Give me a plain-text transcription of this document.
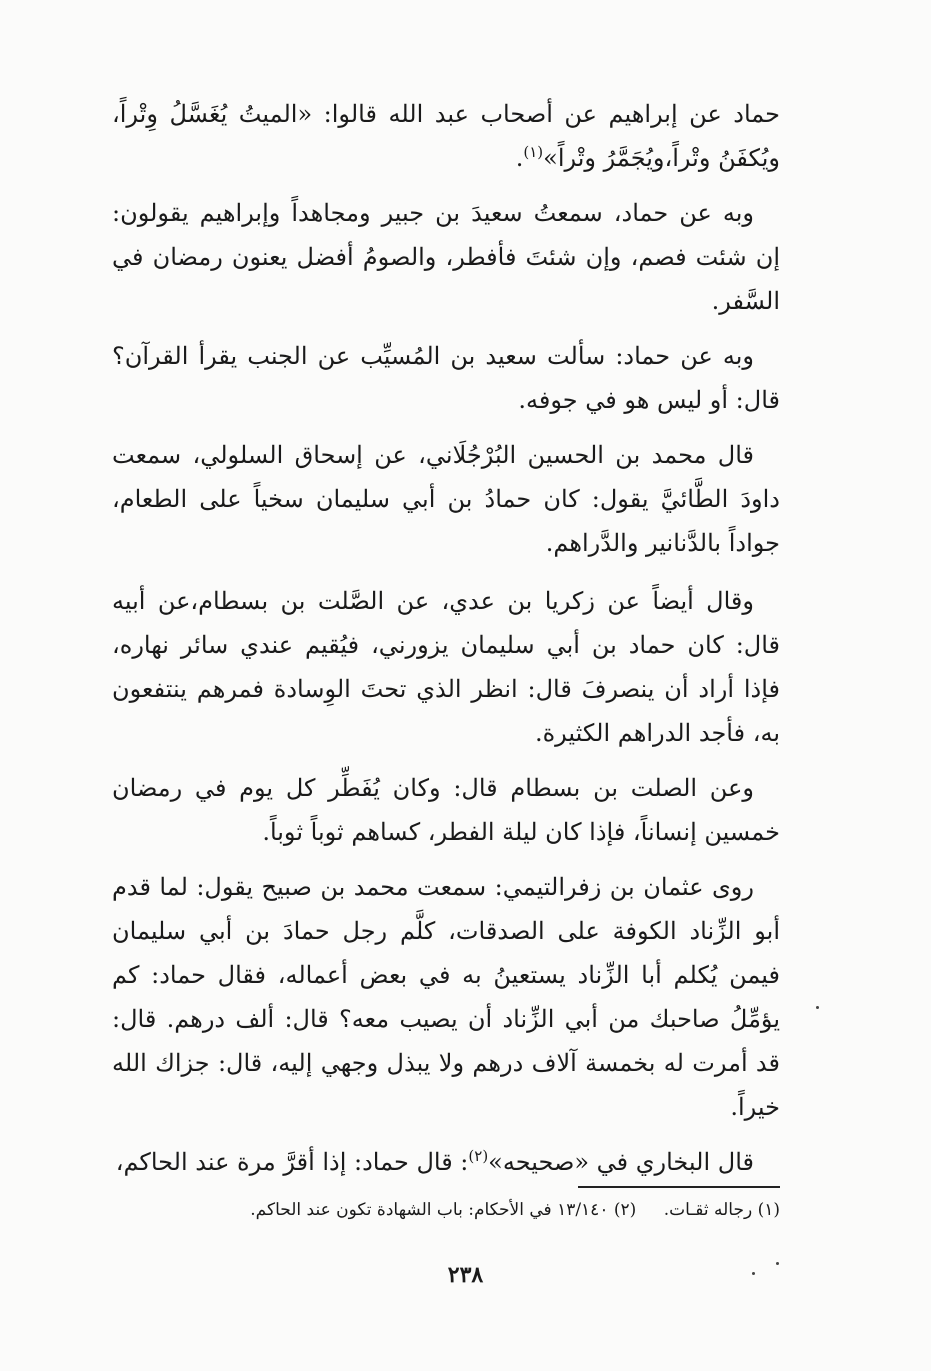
حماد عن إبراهيم عن أصحاب عبد الله قالوا: «الميتُ يُغَسَّلُ وِتْراً، ويُكفَنُ وتْراً،ويُجَمَّرُ وتْراً»$^{(١)}$.

وبه عن حماد، سمعتُ سعيدَ بن جبير ومجاهداً وإبراهيم يقولون: إن شئت فصم، وإن شئتَ فأفطر، والصومُ أفضل يعنون رمضان في السَّفر.

وبه عن حماد: سألت سعيد بن المُسيِّب عن الجنب يقرأ القرآن؟ قال: أو ليس هو في جوفه.

قال محمد بن الحسين البُرْجُلَاني، عن إسحاق السلولي، سمعت داودَ الطَّائيَّ يقول: كان حمادُ بن أبي سليمان سخياً على الطعام، جواداً بالدَّنانير والدَّراهم.

وقال أيضاً عن زكريا بن عدي، عن الصَّلت بن بسطام،عن أبيه قال: كان حماد بن أبي سليمان يزورني، فيُقيم عندي سائر نهاره، فإذا أراد أن ينصرفَ قال: انظر الذي تحتَ الوِسادة فمرهم ينتفعون به، فأجد الدراهم الكثيرة.

وعن الصلت بن بسطام قال: وكان يُفَطِّر كل يوم في رمضان خمسين إنساناً، فإذا كان ليلة الفطر، كساهم ثوباً ثوباً.

روى عثمان بن زفرالتيمي: سمعت محمد بن صبيح يقول: لما قدم أبو الزِّناد الكوفة على الصدقات، كلَّم رجل حمادَ بن أبي سليمان فيمن يُكلم أبا الزِّناد يستعينُ به في بعض أعماله، فقال حماد: كم يؤمِّلُ صاحبك من أبي الزِّناد أن يصيب معه؟ قال: ألف درهم. قال: قد أمرت له بخمسة آلاف درهم ولا يبذل وجهي إليه، قال: جزاك الله خيراً.

قال البخاري في «صحيحه»$^{(٢)}$: قال حماد: إذا أقرَّ مرة عند الحاكم،

(١) رجاله ثقـات. (٢) ١٣/١٤٠ في الأحكام: باب الشهادة تكون عند الحاكم.
٢٣٨
